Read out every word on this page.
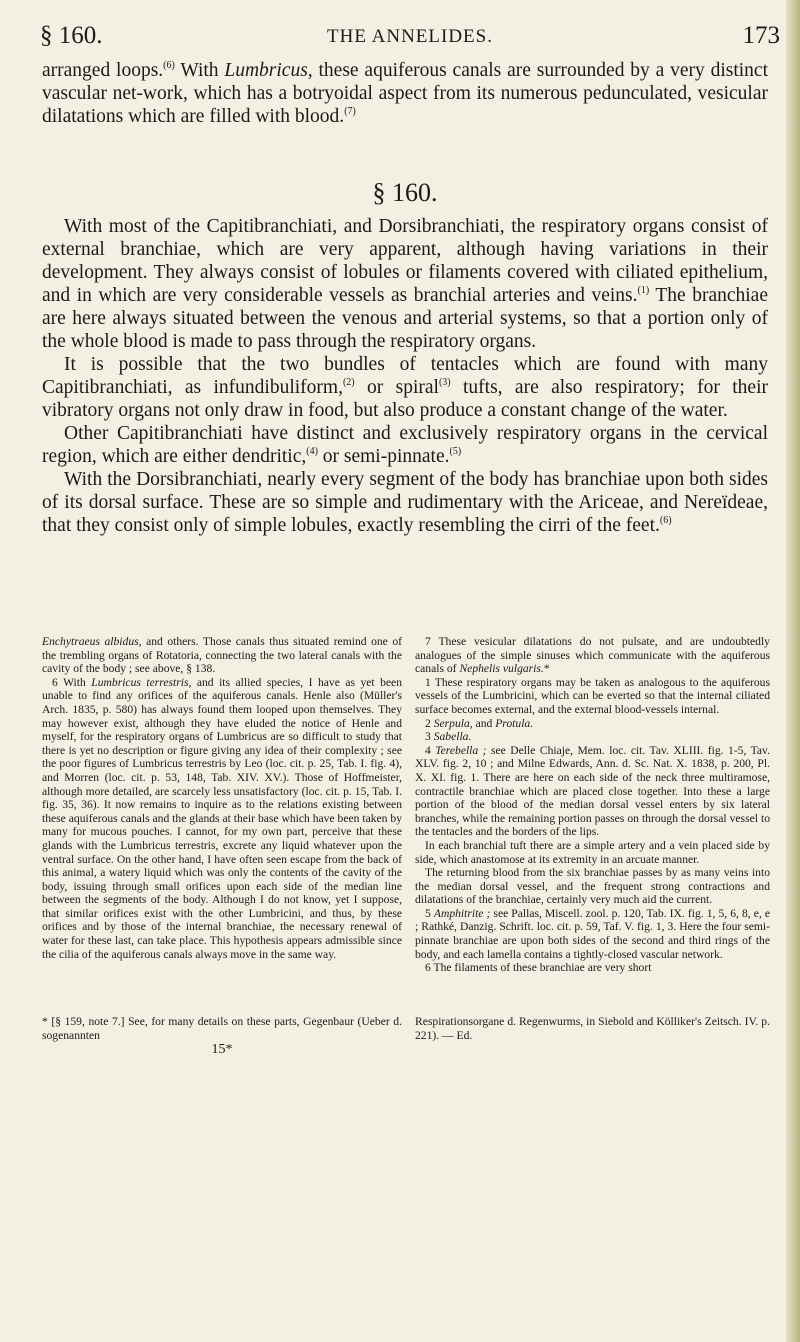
§ 160.	THE ANNELIDES.	173

arranged loops.$^{(6)}$ With Lumbricus, these aquiferous canals are surrounded by a very distinct vascular net-work, which has a botryoidal aspect from its numerous pedunculated, vesicular dilatations which are filled with blood.$^{(7)}$

§ 160.

With most of the Capitibranchiati, and Dorsibranchiati, the respiratory organs consist of external branchiae, which are very apparent, although having variations in their development. They always consist of lobules or filaments covered with ciliated epithelium, and in which are very considerable vessels as branchial arteries and veins.$^{(1)}$ The branchiae are here always situated between the venous and arterial systems, so that a portion only of the whole blood is made to pass through the respiratory organs.

It is possible that the two bundles of tentacles which are found with many Capitibranchiati, as infundibuliform,$^{(2)}$ or spiral$^{(3)}$ tufts, are also respiratory; for their vibratory organs not only draw in food, but also produce a constant change of the water.

Other Capitibranchiati have distinct and exclusively respiratory organs in the cervical region, which are either dendritic,$^{(4)}$ or semi-pinnate.$^{(5)}$

With the Dorsibranchiati, nearly every segment of the body has branchiae upon both sides of its dorsal surface. These are so simple and rudimentary with the Ariceae, and Nereïdeae, that they consist only of simple lobules, exactly resembling the cirri of the feet.$^{(6)}$

Enchytraeus albidus, and others. Those canals thus situated remind one of the trembling organs of Rotatoria, connecting the two lateral canals with the cavity of the body ; see above, § 138.

6 With Lumbricus terrestris, and its allied species, I have as yet been unable to find any orifices of the aquiferous canals. Henle also (Müller's Arch. 1835, p. 580) has always found them looped upon themselves. They may however exist, although they have eluded the notice of Henle and myself, for the respiratory organs of Lumbricus are so difficult to study that there is yet no description or figure giving any idea of their complexity ; see the poor figures of Lumbricus terrestris by Leo (loc. cit. p. 25, Tab. I. fig. 4), and Morren (loc. cit. p. 53, 148, Tab. XIV. XV.). Those of Hoffmeister, although more detailed, are scarcely less unsatisfactory (loc. cit. p. 15, Tab. I. fig. 35, 36). It now remains to inquire as to the relations existing between these aquiferous canals and the glands at their base which have been taken by many for mucous pouches. I cannot, for my own part, perceive that these glands with the Lumbricus terrestris, excrete any liquid whatever upon the ventral surface. On the other hand, I have often seen escape from the back of this animal, a watery liquid which was only the contents of the cavity of the body, issuing through small orifices upon each side of the median line between the segments of the body. Although I do not know, yet I suppose, that similar orifices exist with the other Lumbricini, and thus, by these orifices and by those of the internal branchiae, the necessary renewal of water for these last, can take place. This hypothesis appears admissible since the cilia of the aquiferous canals always move in the same way.

7 These vesicular dilatations do not pulsate, and are undoubtedly analogues of the simple sinuses which communicate with the aquiferous canals of Nephelis vulgaris.*

1 These respiratory organs may be taken as analogous to the aquiferous vessels of the Lumbricini, which can be everted so that the internal ciliated surface becomes external, and the external blood-vessels internal.

2 Serpula, and Protula.

3 Sabella.

4 Terebella ; see Delle Chiaje, Mem. loc. cit. Tav. XLIII. fig. 1-5, Tav. XLV. fig. 2, 10 ; and Milne Edwards, Ann. d. Sc. Nat. X. 1838, p. 200, Pl. X. XI. fig. 1. There are here on each side of the neck three multiramose, contractile branchiae which are placed close together. Into these a large portion of the blood of the median dorsal vessel enters by six lateral branches, while the remaining portion passes on through the dorsal vessel to the tentacles and the borders of the lips.

In each branchial tuft there are a simple artery and a vein placed side by side, which anastomose at its extremity in an arcuate manner.

The returning blood from the six branchiae passes by as many veins into the median dorsal vessel, and the frequent strong contractions and dilatations of the branchiae, certainly very much aid the current.

5 Amphitrite ; see Pallas, Miscell. zool. p. 120, Tab. IX. fig. 1, 5, 6, 8, e, e ; Rathké, Danzig. Schrift. loc. cit. p. 59, Taf. V. fig. 1, 3. Here the four semi-pinnate branchiae are upon both sides of the second and third rings of the body, and each lamella contains a tightly-closed vascular network.

6 The filaments of these branchiae are very short

* [§ 159, note 7.] See, for many details on these parts, Gegenbaur (Ueber d. sogenannten
Respirationsorgane d. Regenwurms, in Siebold and Kölliker's Zeitsch. IV. p. 221). — Ed.
15*
